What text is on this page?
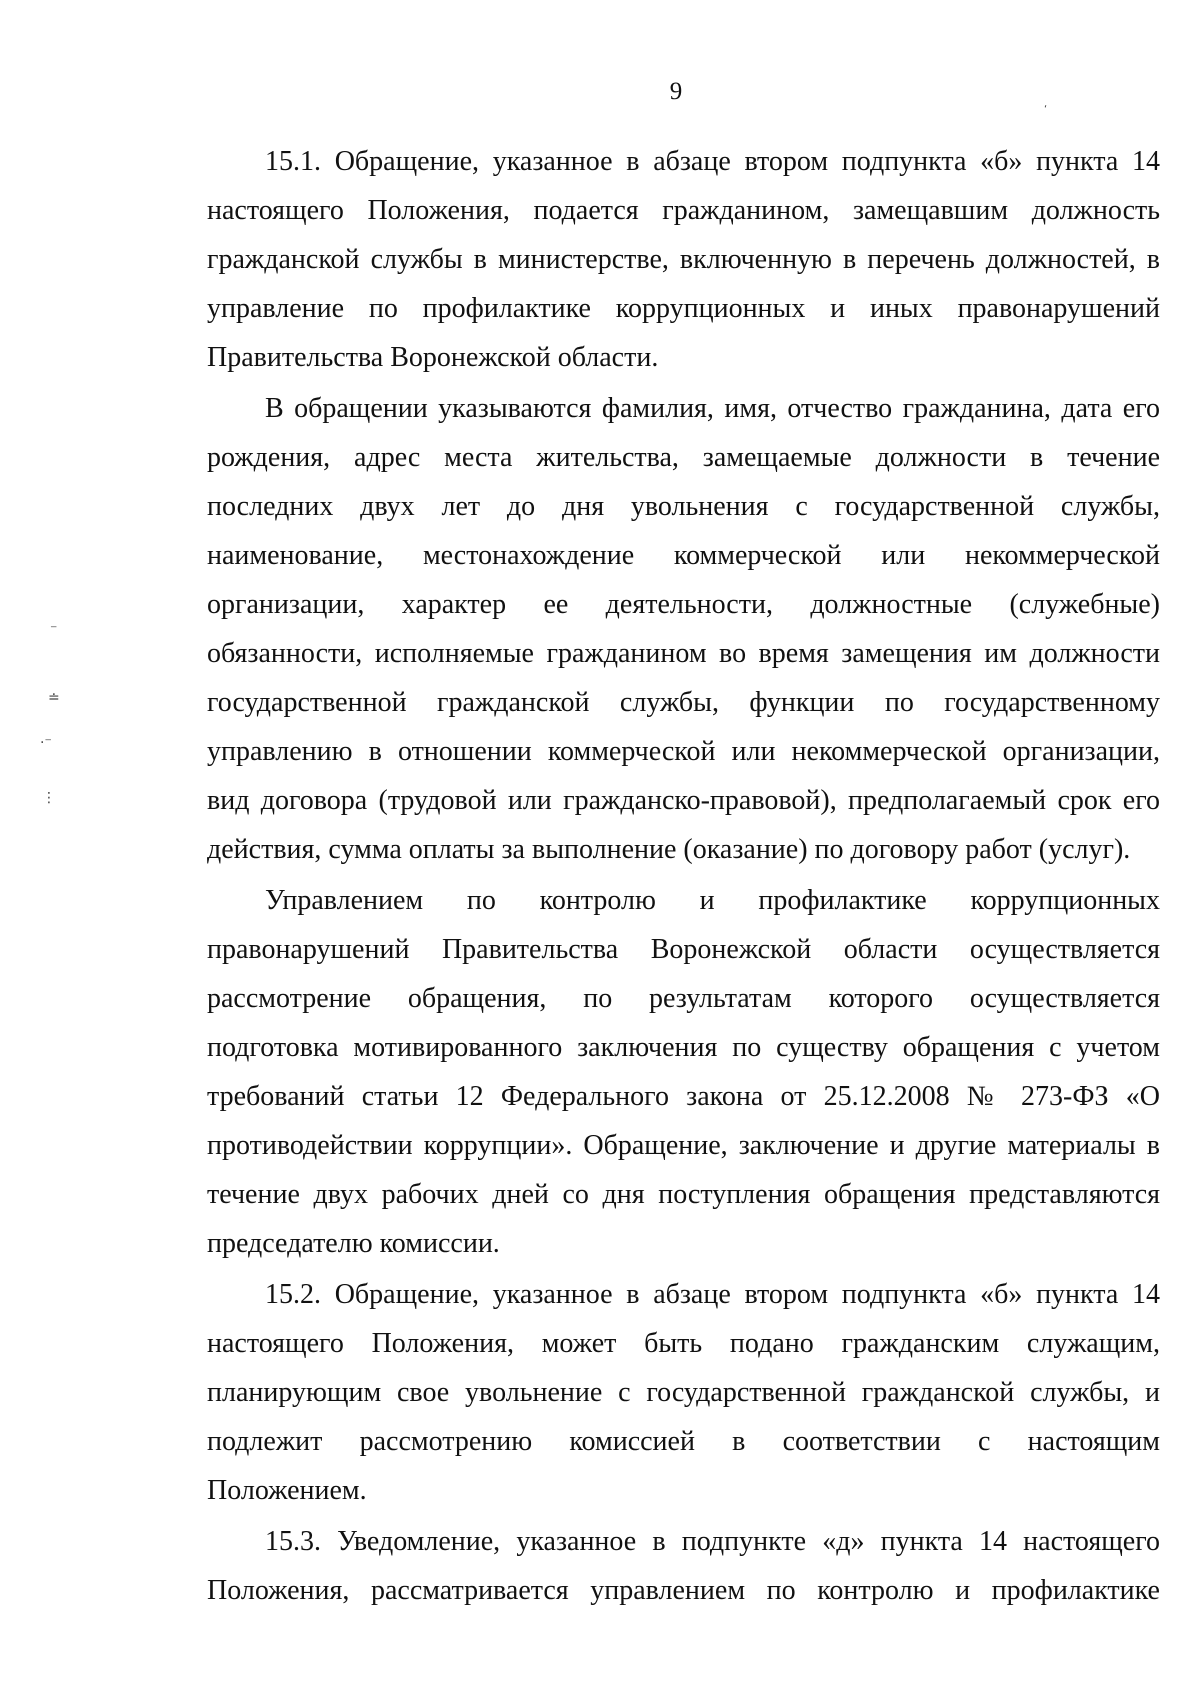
9

15.1. Обращение, указанное в абзаце втором подпункта «б» пункта 14
настоящего Положения, подается гражданином, замещавшим должность
гражданской службы в министерстве, включенную в перечень должностей, в
управление по профилактике коррупционных и иных правонарушений
Правительства Воронежской области.

В обращении указываются фамилия, имя, отчество гражданина, дата его
рождения, адрес места жительства, замещаемые должности в течение
последних двух лет до дня увольнения с государственной службы,
наименование, местонахождение коммерческой или некоммерческой
организации, характер ее деятельности, должностные (служебные)
обязанности, исполняемые гражданином во время замещения им должности
государственной гражданской службы, функции по государственному
управлению в отношении коммерческой или некоммерческой организации,
вид договора (трудовой или гражданско-правовой), предполагаемый срок его
действия, сумма оплаты за выполнение (оказание) по договору работ (услуг).

Управлением по контролю и профилактике коррупционных
правонарушений Правительства Воронежской области осуществляется
рассмотрение обращения, по результатам которого осуществляется
подготовка мотивированного заключения по существу обращения с учетом
требований статьи 12 Федерального закона от 25.12.2008 № 273-ФЗ «О
противодействии коррупции». Обращение, заключение и другие материалы в
течение двух рабочих дней со дня поступления обращения представляются
председателю комиссии.

15.2. Обращение, указанное в абзаце втором подпункта «б» пункта 14
настоящего Положения, может быть подано гражданским служащим,
планирующим свое увольнение с государственной гражданской службы, и
подлежит рассмотрению комиссией в соответствии с настоящим
Положением.

15.3. Уведомление, указанное в подпункте «д» пункта 14 настоящего
Положения, рассматривается управлением по контролю и профилактике

⁻
≐
·⁻
⋮
‘
